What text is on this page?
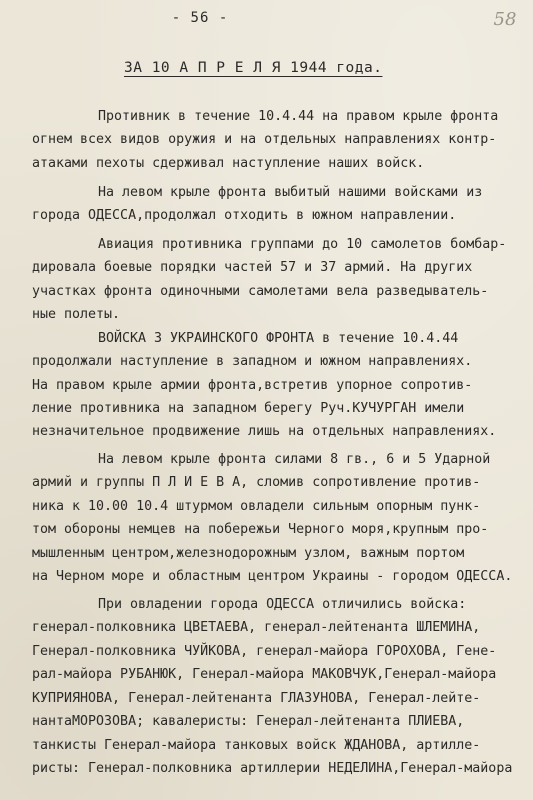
- 56 -	58
ЗА 10 А П Р Е Л Я 1944 года.
Противник в течение 10.4.44 на правом крыле фронта
огнем всех видов оружия и на отдельных направлениях контр-
атаками пехоты сдерживал наступление наших войск.
На левом крыле фронта выбитый нашими войсками из
города ОДЕССА,продолжал отходить в южном направлении.
Авиация противника группами до 10 самолетов бомбар-
дировала боевые порядки частей 57 и 37 армий. На других
участках фронта одиночными самолетами вела разведыватель-
ные полеты.
ВОЙСКА 3 УКРАИНСКОГО ФРОНТА в течение 10.4.44
продолжали наступление в западном и южном направлениях.
На правом крыле армии фронта,встретив упорное сопротив-
ление противника на западном берегу Руч.КУЧУРГАН имели
незначительное продвижение лишь на отдельных направлениях.
На левом крыле фронта силами 8 гв., 6 и 5 Ударной
армий и группы П Л И Е В А, сломив сопротивление против-
ника к 10.00 10.4 штурмом овладели сильным опорным пунк-
том обороны немцев на побережьи Черного моря,крупным про-
мышленным центром,железнодорожным узлом, важным портом
на Черном море и областным центром Украины - городом ОДЕССА.
При овладении города ОДЕССА отличились войска:
генерал-полковника ЦВЕТАЕВА, генерал-лейтенанта ШЛЕМИНА,
Генерал-полковника ЧУЙКОВА, генерал-майора ГОРОХОВА, Гене-
рал-майора РУБАНЮК, Генерал-майора МАКОВЧУК,Генерал-майора
КУПРИЯНОВА, Генерал-лейтенанта ГЛАЗУНОВА, Генерал-лейте-
нантаМОРОЗОВА; кавалеристы: Генерал-лейтенанта ПЛИЕВА,
танкисты Генерал-майора танковых войск ЖДАНОВА, артилле-
ристы: Генерал-полковника артиллерии НЕДЕЛИНА,Генерал-майора
